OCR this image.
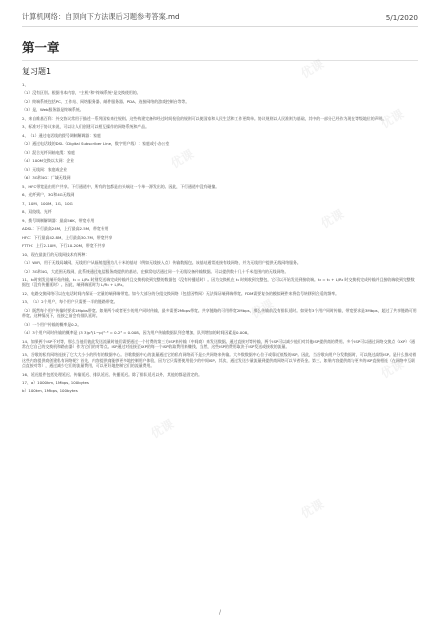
计算机网络：自顶向下方法课后习题参考答案.md	5/1/2020
第一章
复习题1
1、
（1）没有区别。根据书本内容，"主机"和"终端系统"是交换使用的。
（2）终端系统包括PC、工作站、网络服务器、邮件服务器、PDA、连接网络的游戏控制台等等。
（3）是，Web服务器是终端系统。
2、来自维基百科：外交协议常用于描述一系列国家来往规则。这些构建完备和经过时间检验的规则可以使国家和人民生活和工作更简单。协议规则以人民准则为基础，其中的一部分已经作为现在等级地位的声明。
3、标准对于协议来说，可以让人们创建可以相互操作的网络系统和产品。
4、（1）通过电话线的拨号调制解调器：家庭
（2）通过电话线的DSL（Digital Subscriber Line，数字用户线）：家庭或小办公室
（3）混合光纤同轴电缆：家庭
（4）100M交换以太网：企业
（5）无线网：家庭或企业
（6）3G和4G：广域无线网
5、HFC带宽是由用户共享。下行通道中，所有的包都是由头端这一个单一源发出的。因此，下行通道中没有碰撞。
6、光纤到户，3G和4G无线网
7、10M、100M、1G、10G
8、双绞线、光纤
9、拨号调制解调器：最高56K，带宽专用
ADSL：下行最高24M，上行最高2.5M，带宽专用
HFC：下行最高42.8M，上行最高30.7M，带宽共享
FTTH：上行2-10M，下行10-20M，带宽不共享
10、现在最流行的无线网技术有两种：
（1）WiFi，用于无线局域网，无线用户从辐射范围为几十米的基站（例如无线接入点）传输数据包。该基站通常连接有线网络，并为无线用户提供无线网络服务。
（2）3G和4G，大范围无线网，此系统通过电信服务商提供的基站，在蜂窝电话通过同一个无线设备传输数据。可以提供数十几十千米范围内的无线网络。
11、t₀时刻发送端开始传输，t₁ = L/R₁ 时刻发送端完成传输并且交换机收到完整的数据包（没有传播延时）。因为交换机在 t₁ 时刻收到完整包，它可以开始发送到接收端。t₂ = t₁ + L/R₂ 时交换机完成传输并且接收端收到完整数据包（没有传播延时）。因此，端到端延时为 L/R₁ + L/R₂。
12、电路交换网络可以在电话时间内保证一定量的端到端带宽。如今大部分的分组交换网络（包括因特网）无法保证端到端带宽。FDM需要复杂的模拟硬件来将信号转移到合适的频率。
13、（1）2个用户，每个用户只需要一半的链路带宽。
（2）既然每个用户传输时要求1Mpbs带宽。如果两个或者更少的用户同时传输，最多需要2Mbps带宽。共享链路的可用带宽2Mbps，那么传输前没有排队延时。如果有3个用户同时传输，带宽要求是3Mbps，超过了共享链路可用带宽。这种情况下，连接之前会有排队延时。
（3）一个用户传输的概率是0.2。
（4）3个用户同时传输的概率是 (3 3)p³(1−p)³⁻³ = 0.2³ = 0.008。因为用户传输数据队列会增加，队列增加的时间因素是0.008。
14、如果两个ISP不对等，那么当他们彼此发送流量时他们需要通过一个付费的第三方ISP来传输（中间商）来发送数据。通过直接对等传输，两个ISP可以减少他们对其他ISP提供商的费用。多个ISP可以通过网络交换点（IXP）（通常在它自己的交换机和路由器）作为它们的对等点。ISP通过对连接至IXP的每一个ISP收取费用来赚钱，当然，这些ISP的费用取决于ISP发送或接收的流量。
15、谷歌的私有网络连接了它大大小小的所有的数据中心。谷歌数据中心的流量通过它的私有网络而不是公共网络来传输。大多数数据中心位于或靠近低级的ISP。因此，当谷歌向用户分发数据时，可以绕过高级ISP。是什么推动着这些内容提供商创建私有网络呢？首先，内容提供商能够更多地控制用户体验，因为它只需要使用很少的中间ISP。其次，通过发送少量流量到提供商网络可以节省资金。第三，如果内容提供商与更多的ISP直接相连（在网络中互联点直接对等），通过减少它们的流量费用，可以更好地控制它们的流量费用。
16、延迟组件包括处理延迟、传输延迟、排队延迟、传播延迟。除了排队延迟以外，其他的都是固定的。
17、a）1000km, 1Mbps, 100bytes
b）100km, 1Mbps, 100bytes
优课
优课
优课
优课
优课
优课
优课
优课
优课
/
